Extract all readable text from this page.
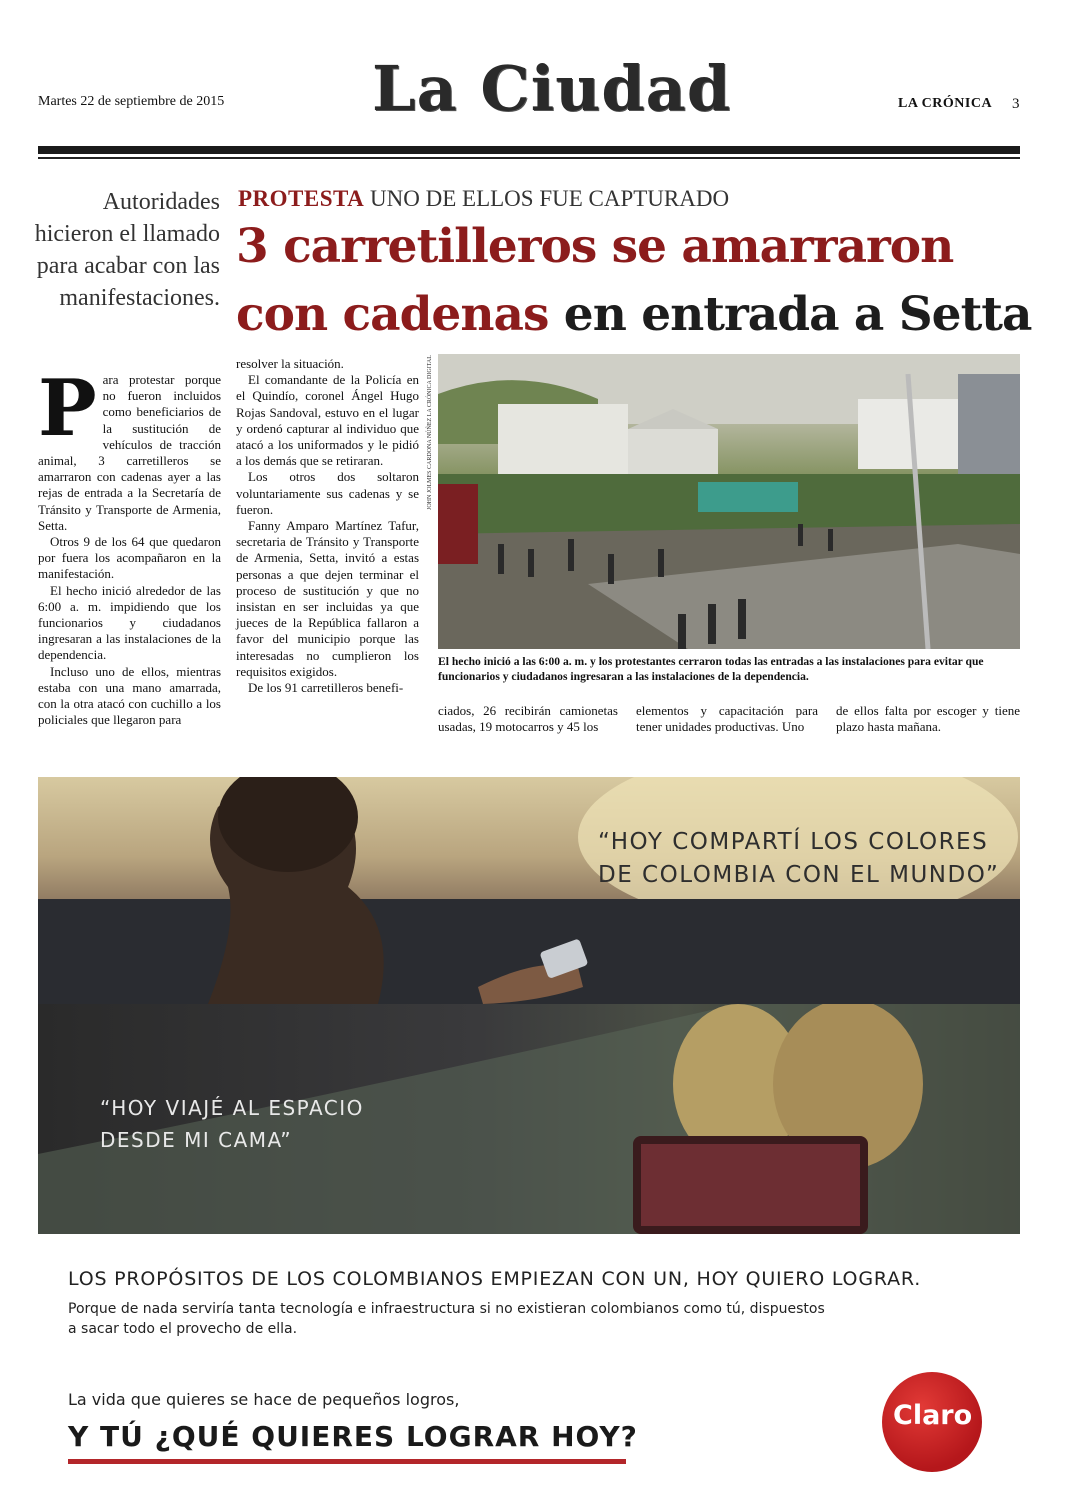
Martes 22 de septiembre de 2015 La Ciudad	LA CRÓNICA 3
Autoridades hicieron el llamado para acabar con las manifestaciones.
PROTESTA UNO DE ELLOS FUE CAPTURADO
3 carretilleros se amarraron
con cadenas en entrada a Setta

Para protestar porque no fueron incluidos como beneficiarios de la sustitución de vehículos de tracción animal, 3 carretilleros se amarraron con cadenas ayer a las rejas de entrada a la Secretaría de Tránsito y Transporte de Armenia, Setta.

Otros 9 de los 64 que quedaron por fuera los acompañaron en la manifestación.

El hecho inició alrededor de las 6:00 a. m. impidiendo que los funcionarios y ciudadanos ingresaran a las instalaciones de la dependencia.

Incluso uno de ellos, mientras estaba con una mano amarrada, con la otra atacó con cuchillo a los policiales que llegaron para

resolver la situación.

El comandante de la Policía en el Quindío, coronel Ángel Hugo Rojas Sandoval, estuvo en el lugar y ordenó capturar al individuo que atacó a los uniformados y le pidió a los demás que se retiraran.

Los otros dos soltaron voluntariamente sus cadenas y se fueron.

Fanny Amparo Martínez Tafur, secretaria de Tránsito y Transporte de Armenia, Setta, invitó a estas personas a que dejen terminar el proceso de sustitución y que no insistan en ser incluidas ya que jueces de la República fallaron a favor del municipio porque las interesadas no cumplieron los requisitos exigidos.

De los 91 carretilleros benefi-

JOHN JOLMES CARDONA NÚÑEZ LA CRÓNICA DIGITAL
El hecho inició a las 6:00 a. m. y los protestantes cerraron todas las entradas a las instalaciones para evitar que funcionarios y ciudadanos ingresaran a las instalaciones de la dependencia.

ciados, 26 recibirán camionetas usadas, 19 motocarros y 45 los

elementos y capacitación para tener unidades productivas. Uno

de ellos falta por escoger y tiene plazo hasta mañana.

“HOY COMPARTÍ LOS COLORES
DE COLOMBIA CON EL MUNDO”
“HOY VIAJÉ AL ESPACIO
DESDE MI CAMA”
LOS PROPÓSITOS DE LOS COLOMBIANOS EMPIEZAN CON UN, HOY QUIERO LOGRAR.
Porque de nada serviría tanta tecnología e infraestructura si no existieran colombianos como tú, dispuestos
a sacar todo el provecho de ella.
La vida que quieres se hace de pequeños logros,
Y TÚ ¿QUÉ QUIERES LOGRAR HOY?
Claro
